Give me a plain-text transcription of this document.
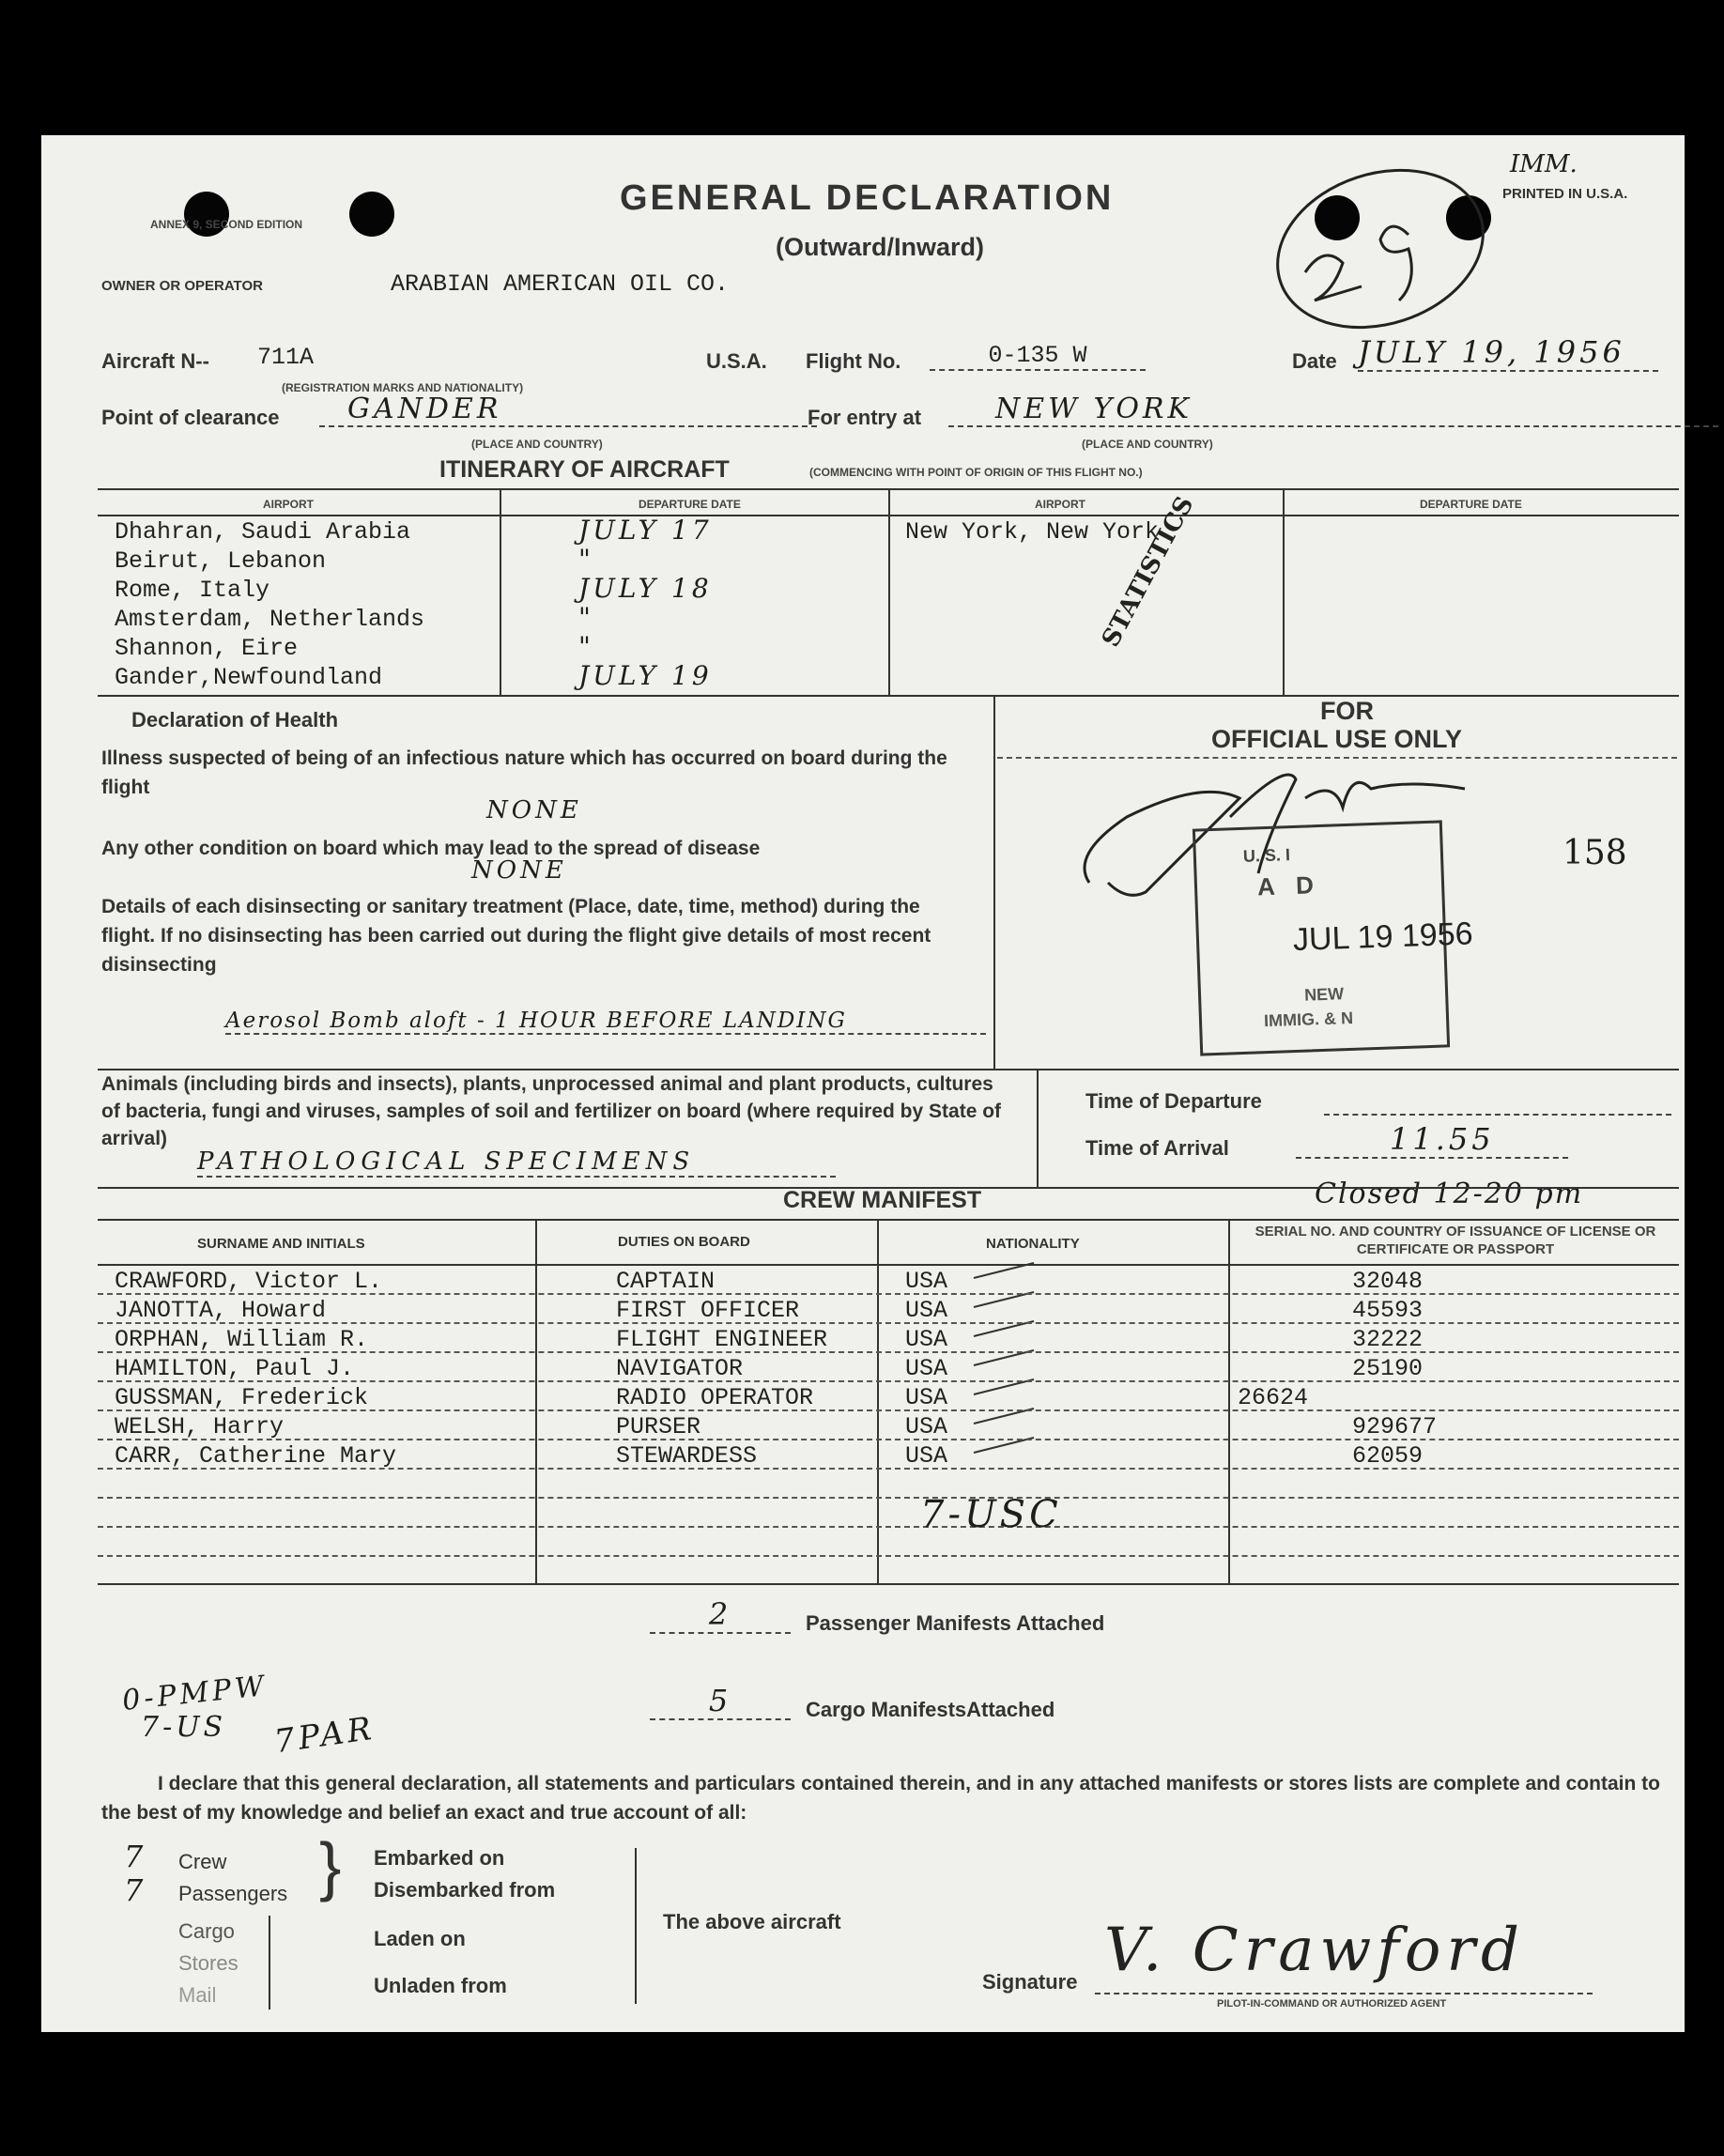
ANNEX 9, SECOND EDITION
IMM.
PRINTED IN U.S.A.
GENERAL DECLARATION
(Outward/Inward)
OWNER OR OPERATOR	ARABIAN AMERICAN OIL CO.
Aircraft N-- 711A
(REGISTRATION MARKS AND NATIONALITY)
U.S.A. Flight No.	0-135 W	Date JULY 19, 1956
Point of clearance	GANDER
(PLACE AND COUNTRY)
For entry at	NEW YORK
(PLACE AND COUNTRY)
ITINERARY OF AIRCRAFT	(COMMENCING WITH POINT OF ORIGIN OF THIS FLIGHT NO.)
AIRPORT	DEPARTURE DATE	AIRPORT	DEPARTURE DATE
Dhahran, Saudi Arabia	JULY 17	New York, New York
Beirut, Lebanon	"
Rome, Italy	JULY 18
Amsterdam, Netherlands	"
Shannon, Eire	"
Gander,Newfoundland	JULY 19
STATISTICS
Declaration of Health
Illness suspected of being of an infectious nature which has occurred on board during the flight
NONE
Any other condition on board which may lead to the spread of disease
NONE
Details of each disinsecting or sanitary treatment (Place, date, time, method) during the flight. If no disinsecting has been carried out during the flight give details of most recent disinsecting
Aerosol Bomb aloft - 1 HOUR BEFORE LANDING
FOR
OFFICIAL USE ONLY
158
U. S. I
A D
JUL 19 1956
NEW
IMMIG. & N
Animals (including birds and insects), plants, unprocessed animal and plant products, cultures of bacteria, fungi and viruses, samples of soil and fertilizer on board (where required by State of arrival)
PATHOLOGICAL SPECIMENS
Time of Departure
Time of Arrival	11.55
Closed 12-20 pm
CREW MANIFEST
SURNAME AND INITIALS	DUTIES ON BOARD	NATIONALITY
SERIAL NO. AND COUNTRY OF ISSUANCE OF LICENSE OR CERTIFICATE OR PASSPORT
CRAWFORD, Victor L.	CAPTAIN	USA	32048
JANOTTA, Howard	FIRST OFFICER	USA	45593
ORPHAN, William R.	FLIGHT ENGINEER	USA	32222
HAMILTON, Paul J.	NAVIGATOR	USA	25190
GUSSMAN, Frederick	RADIO OPERATOR	USA	26624
WELSH, Harry	PURSER	USA	929677
CARR, Catherine Mary	STEWARDESS	USA	62059
7-USC
2	Passenger Manifests Attached
5	Cargo ManifestsAttached
0-PMPW
7-US 7PAR
I declare that this general declaration, all statements and particulars contained therein, and in any attached manifests or stores lists are complete and contain to the best of my knowledge and belief an exact and true account of all:
7 Crew
7 Passengers }
Cargo
Stores
Mail
Embarked on
Disembarked from
Laden on
Unladen from
The above aircraft
Signature V. Crawford
PILOT-IN-COMMAND OR AUTHORIZED AGENT
